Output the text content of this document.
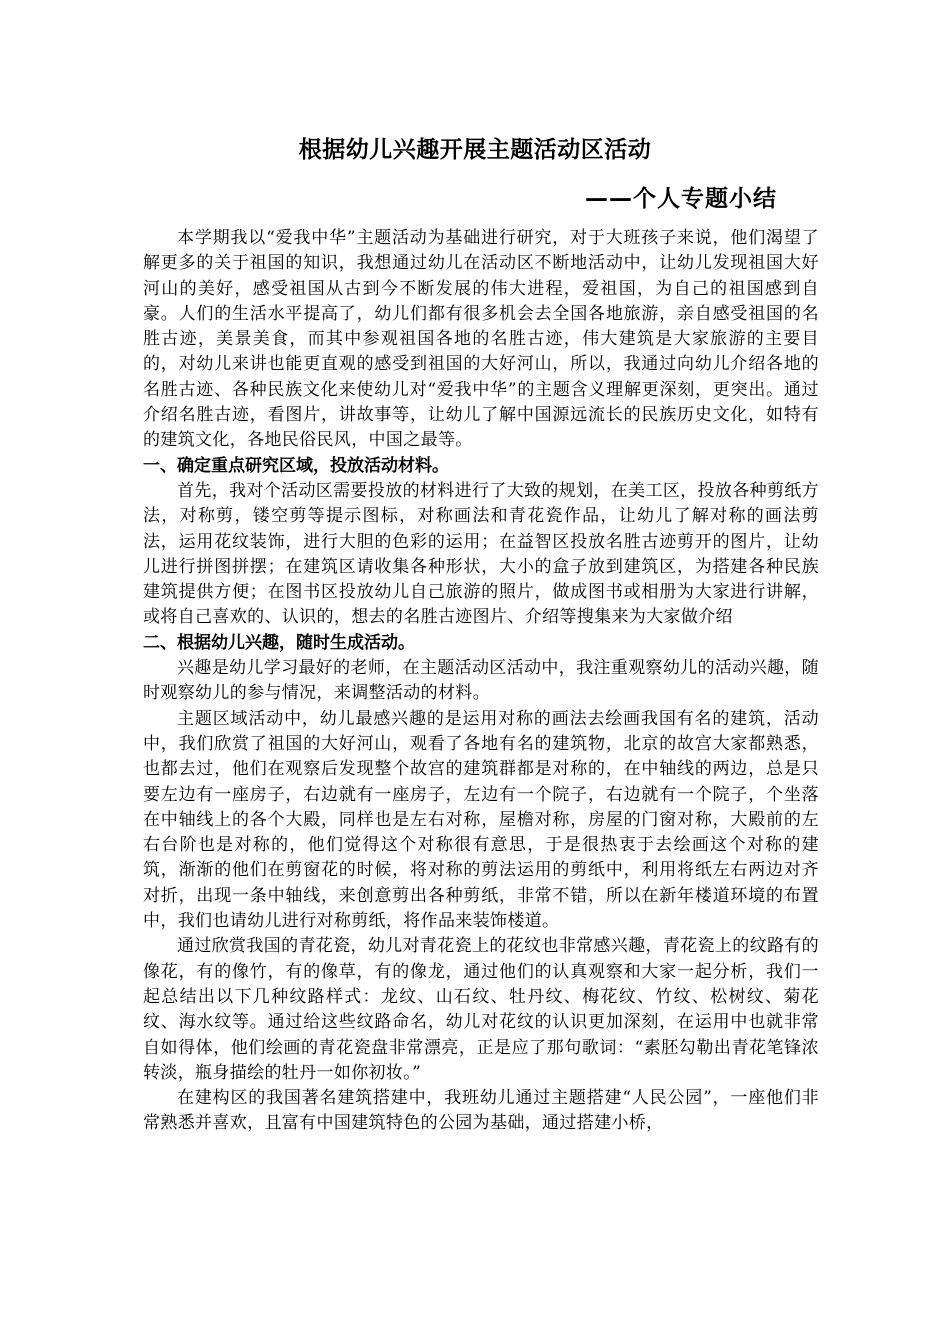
根据幼儿兴趣开展主题活动区活动
——个人专题小结

本学期我以“爱我中华”主题活动为基础进行研究，对于大班孩子来说，他们渴望了解更多的关于祖国的知识，我想通过幼儿在活动区不断地活动中，让幼儿发现祖国大好河山的美好，感受祖国从古到今不断发展的伟大进程，爱祖国，为自己的祖国感到自豪。人们的生活水平提高了，幼儿们都有很多机会去全国各地旅游，亲自感受祖国的名胜古迹，美景美食，而其中参观祖国各地的名胜古迹，伟大建筑是大家旅游的主要目的，对幼儿来讲也能更直观的感受到祖国的大好河山，所以，我通过向幼儿介绍各地的名胜古迹、各种民族文化来使幼儿对“爱我中华”的主题含义理解更深刻，更突出。通过介绍名胜古迹，看图片，讲故事等，让幼儿了解中国源远流长的民族历史文化，如特有的建筑文化，各地民俗民风，中国之最等。

一、确定重点研究区域，投放活动材料。

首先，我对个活动区需要投放的材料进行了大致的规划，在美工区，投放各种剪纸方法，对称剪，镂空剪等提示图标，对称画法和青花瓷作品，让幼儿了解对称的画法剪法，运用花纹装饰，进行大胆的色彩的运用；在益智区投放名胜古迹剪开的图片，让幼儿进行拼图拼摆；在建筑区请收集各种形状，大小的盒子放到建筑区，为搭建各种民族建筑提供方便；在图书区投放幼儿自己旅游的照片，做成图书或相册为大家进行讲解，或将自己喜欢的、认识的，想去的名胜古迹图片、介绍等搜集来为大家做介绍

二、根据幼儿兴趣，随时生成活动。

兴趣是幼儿学习最好的老师，在主题活动区活动中，我注重观察幼儿的活动兴趣，随时观察幼儿的参与情况，来调整活动的材料。

主题区域活动中，幼儿最感兴趣的是运用对称的画法去绘画我国有名的建筑，活动中，我们欣赏了祖国的大好河山，观看了各地有名的建筑物，北京的故宫大家都熟悉，也都去过，他们在观察后发现整个故宫的建筑群都是对称的，在中轴线的两边，总是只要左边有一座房子，右边就有一座房子，左边有一个院子，右边就有一个院子，个坐落在中轴线上的各个大殿，同样也是左右对称，屋檐对称，房屋的门窗对称，大殿前的左右台阶也是对称的，他们觉得这个对称很有意思，于是很热衷于去绘画这个对称的建筑，渐渐的他们在剪窗花的时候，将对称的剪法运用的剪纸中，利用将纸左右两边对齐对折，出现一条中轴线，来创意剪出各种剪纸，非常不错，所以在新年楼道环境的布置中，我们也请幼儿进行对称剪纸，将作品来装饰楼道。

通过欣赏我国的青花瓷，幼儿对青花瓷上的花纹也非常感兴趣，青花瓷上的纹路有的像花，有的像竹，有的像草，有的像龙，通过他们的认真观察和大家一起分析，我们一起总结出以下几种纹路样式：龙纹、山石纹、牡丹纹、梅花纹、竹纹、松树纹、菊花纹、海水纹等。通过给这些纹路命名，幼儿对花纹的认识更加深刻，在运用中也就非常自如得体，他们绘画的青花瓷盘非常漂亮，正是应了那句歌词：“素胚勾勒出青花笔锋浓转淡，瓶身描绘的牡丹一如你初妆。”

在建构区的我国著名建筑搭建中，我班幼儿通过主题搭建“人民公园”，一座他们非常熟悉并喜欢，且富有中国建筑特色的公园为基础，通过搭建小桥，
